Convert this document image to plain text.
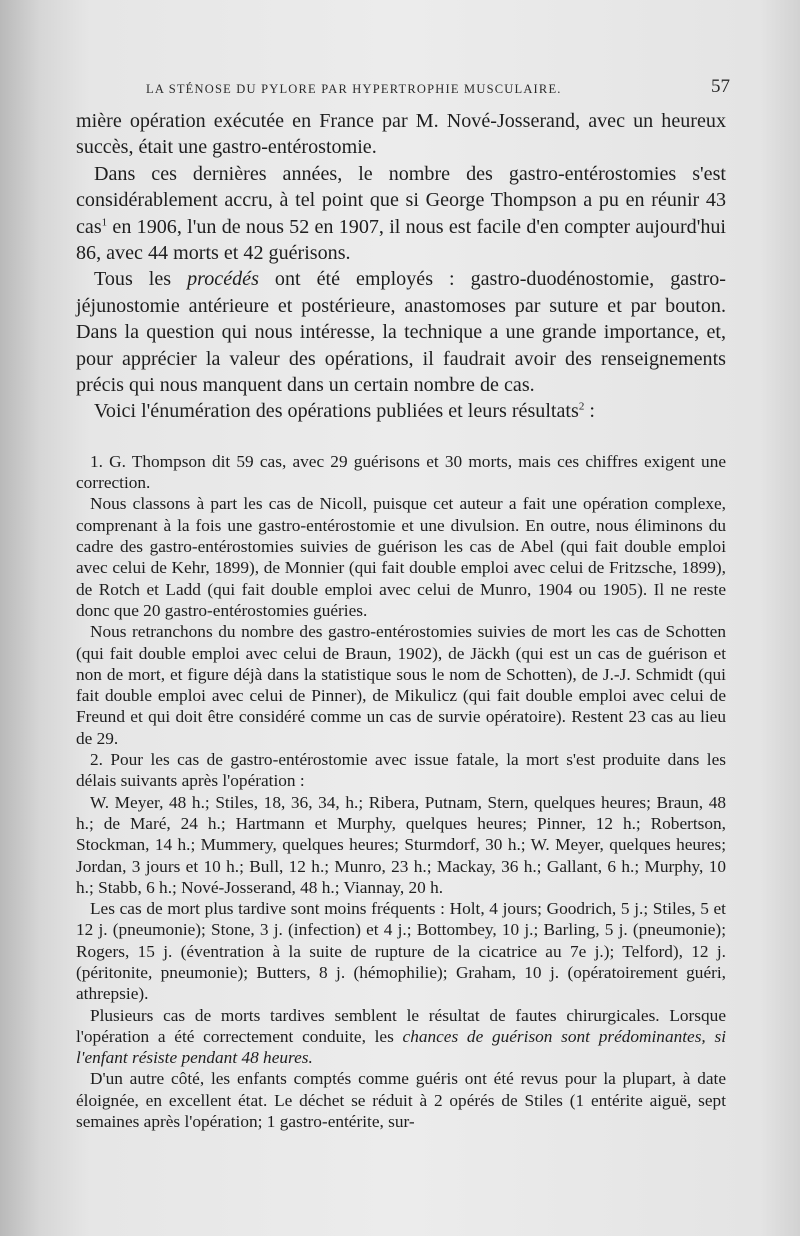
LA STÉNOSE DU PYLORE PAR HYPERTROPHIE MUSCULAIRE.	57

mière opération exécutée en France par M. Nové-Josserand, avec un heureux succès, était une gastro-entérostomie.

Dans ces dernières années, le nombre des gastro-entérostomies s'est considérablement accru, à tel point que si George Thompson a pu en réunir 43 cas$^1$ en 1906, l'un de nous 52 en 1907, il nous est facile d'en compter aujourd'hui 86, avec 44 morts et 42 guérisons.

Tous les procédés ont été employés : gastro-duodénostomie, gastro-jéjunostomie antérieure et postérieure, anastomoses par suture et par bouton. Dans la question qui nous intéresse, la technique a une grande importance, et, pour apprécier la valeur des opérations, il faudrait avoir des renseignements précis qui nous manquent dans un certain nombre de cas.

Voici l'énumération des opérations publiées et leurs résultats$^2$ :

1. G. Thompson dit 59 cas, avec 29 guérisons et 30 morts, mais ces chiffres exigent une correction.

Nous classons à part les cas de Nicoll, puisque cet auteur a fait une opération complexe, comprenant à la fois une gastro-entérostomie et une divulsion. En outre, nous éliminons du cadre des gastro-entérostomies suivies de guérison les cas de Abel (qui fait double emploi avec celui de Kehr, 1899), de Monnier (qui fait double emploi avec celui de Fritzsche, 1899), de Rotch et Ladd (qui fait double emploi avec celui de Munro, 1904 ou 1905). Il ne reste donc que 20 gastro-entérostomies guéries.

Nous retranchons du nombre des gastro-entérostomies suivies de mort les cas de Schotten (qui fait double emploi avec celui de Braun, 1902), de Jäckh (qui est un cas de guérison et non de mort, et figure déjà dans la statistique sous le nom de Schotten), de J.-J. Schmidt (qui fait double emploi avec celui de Pinner), de Mikulicz (qui fait double emploi avec celui de Freund et qui doit être considéré comme un cas de survie opératoire). Restent 23 cas au lieu de 29.

2. Pour les cas de gastro-entérostomie avec issue fatale, la mort s'est produite dans les délais suivants après l'opération :

W. Meyer, 48 h.; Stiles, 18, 36, 34, h.; Ribera, Putnam, Stern, quelques heures; Braun, 48 h.; de Maré, 24 h.; Hartmann et Murphy, quelques heures; Pinner, 12 h.; Robertson, Stockman, 14 h.; Mummery, quelques heures; Sturmdorf, 30 h.; W. Meyer, quelques heures; Jordan, 3 jours et 10 h.; Bull, 12 h.; Munro, 23 h.; Mackay, 36 h.; Gallant, 6 h.; Murphy, 10 h.; Stabb, 6 h.; Nové-Josserand, 48 h.; Viannay, 20 h.

Les cas de mort plus tardive sont moins fréquents : Holt, 4 jours; Goodrich, 5 j.; Stiles, 5 et 12 j. (pneumonie); Stone, 3 j. (infection) et 4 j.; Bottombey, 10 j.; Barling, 5 j. (pneumonie); Rogers, 15 j. (éventration à la suite de rupture de la cicatrice au 7e j.); Telford), 12 j. (péritonite, pneumonie); Butters, 8 j. (hémophilie); Graham, 10 j. (opératoirement guéri, athrepsie).

Plusieurs cas de morts tardives semblent le résultat de fautes chirurgicales. Lorsque l'opération a été correctement conduite, les chances de guérison sont prédominantes, si l'enfant résiste pendant 48 heures.

D'un autre côté, les enfants comptés comme guéris ont été revus pour la plupart, à date éloignée, en excellent état. Le déchet se réduit à 2 opérés de Stiles (1 entérite aiguë, sept semaines après l'opération; 1 gastro-entérite, sur-
